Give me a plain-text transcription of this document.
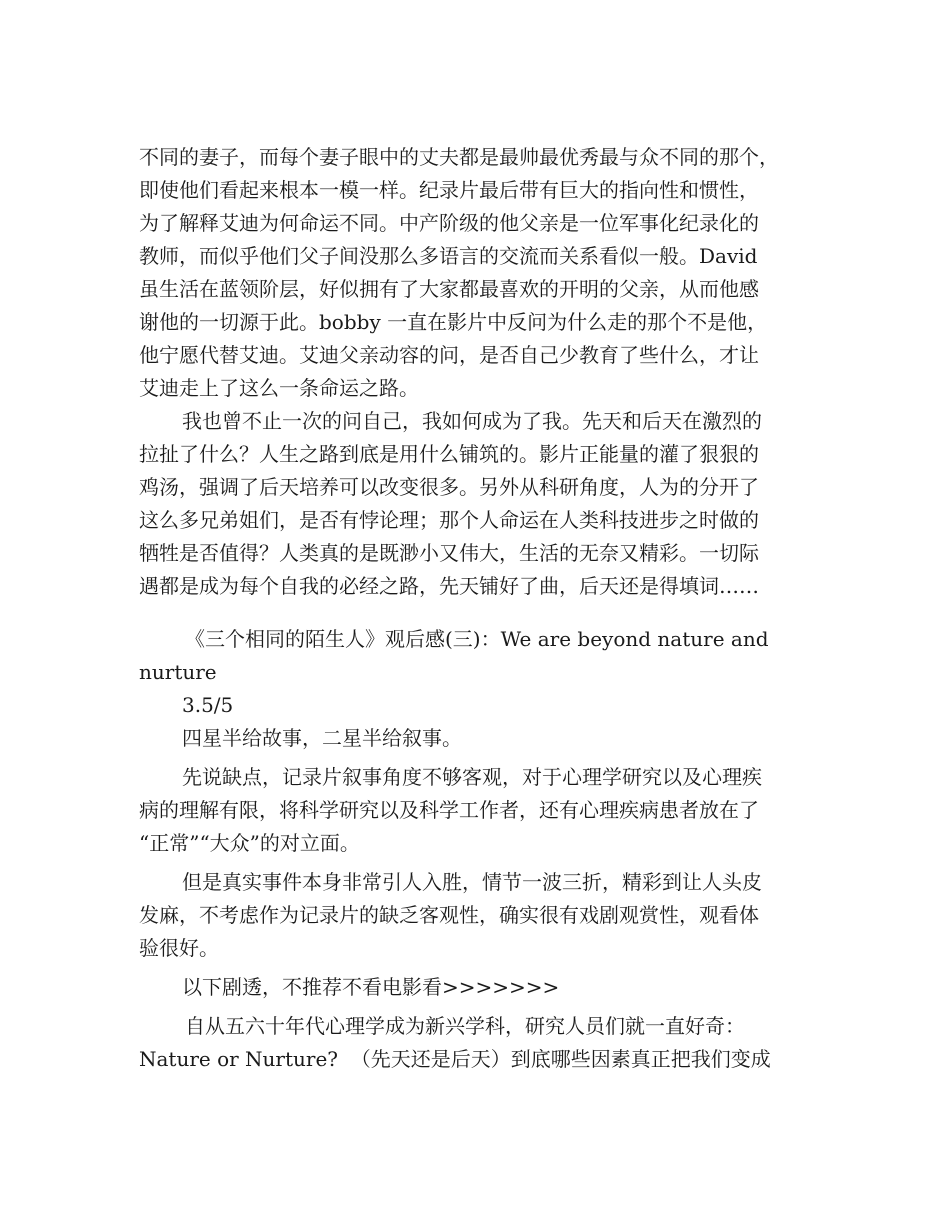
不同的妻子，而每个妻子眼中的丈夫都是最帅最优秀最与众不同的那个，
即使他们看起来根本一模一样。纪录片最后带有巨大的指向性和惯性，
为了解释艾迪为何命运不同。中产阶级的他父亲是一位军事化纪录化的
教师，而似乎他们父子间没那么多语言的交流而关系看似一般。David
虽生活在蓝领阶层，好似拥有了大家都最喜欢的开明的父亲，从而他感
谢他的一切源于此。bobby 一直在影片中反问为什么走的那个不是他，
他宁愿代替艾迪。艾迪父亲动容的问，是否自己少教育了些什么，才让
艾迪走上了这么一条命运之路。
我也曾不止一次的问自己，我如何成为了我。先天和后天在激烈的
拉扯了什么？人生之路到底是用什么铺筑的。影片正能量的灌了狠狠的
鸡汤，强调了后天培养可以改变很多。另外从科研角度，人为的分开了
这么多兄弟姐们，是否有悖论理；那个人命运在人类科技进步之时做的
牺牲是否值得？人类真的是既渺小又伟大，生活的无奈又精彩。一切际
遇都是成为每个自我的必经之路，先天铺好了曲，后天还是得填词……
《三个相同的陌生人》观后感(三)：We are beyond nature and
nurture
3.5/5
四星半给故事，二星半给叙事。
先说缺点，记录片叙事角度不够客观，对于心理学研究以及心理疾
病的理解有限，将科学研究以及科学工作者，还有心理疾病患者放在了
“正常”“大众”的对立面。
但是真实事件本身非常引人入胜，情节一波三折，精彩到让人头皮
发麻，不考虑作为记录片的缺乏客观性，确实很有戏剧观赏性，观看体
验很好。
以下剧透，不推荐不看电影看>>>>>>>
自从五六十年代心理学成为新兴学科，研究人员们就一直好奇：
Nature or Nurture?  （先天还是后天）到底哪些因素真正把我们变成
